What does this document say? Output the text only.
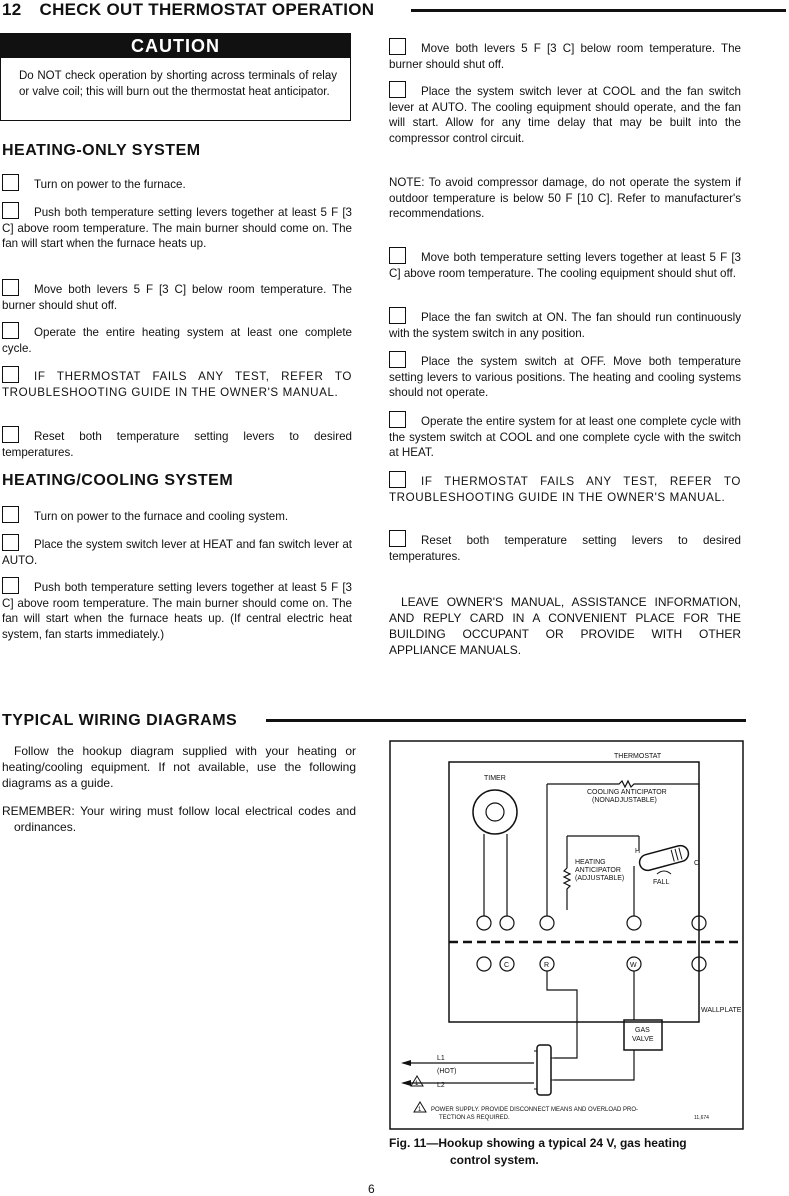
12 CHECK OUT THERMOSTAT OPERATION
CAUTION
Do NOT check operation by shorting across terminals of relay or valve coil; this will burn out the thermostat heat anticipator.
HEATING-ONLY SYSTEM
Turn on power to the furnace.
Push both temperature setting levers together at least 5 F [3 C] above room temperature. The main burner should come on. The fan will start when the furnace heats up.
Move both levers 5 F [3 C] below room temperature. The burner should shut off.
Operate the entire heating system at least one complete cycle.
IF THERMOSTAT FAILS ANY TEST, REFER TO TROUBLESHOOTING GUIDE IN THE OWNER'S MANUAL.
Reset both temperature setting levers to desired temperatures.
HEATING/COOLING SYSTEM
Turn on power to the furnace and cooling system.
Place the system switch lever at HEAT and fan switch lever at AUTO.
Push both temperature setting levers together at least 5 F [3 C] above room temperature. The main burner should come on. The fan will start when the furnace heats up. (If central electric heat system, fan starts immediately.)
Move both levers 5 F [3 C] below room temperature. The burner should shut off.
Place the system switch lever at COOL and the fan switch lever at AUTO. The cooling equipment should operate, and the fan will start. Allow for any time delay that may be built into the compressor control circuit.
NOTE: To avoid compressor damage, do not operate the system if outdoor temperature is below 50 F [10 C]. Refer to manufacturer's recommendations.
Move both temperature setting levers together at least 5 F [3 C] above room temperature. The cooling equipment should shut off.
Place the fan switch at ON. The fan should run continuously with the system switch in any position.
Place the system switch at OFF. Move both temperature setting levers to various positions. The heating and cooling systems should not operate.
Operate the entire system for at least one complete cycle with the system switch at COOL and one complete cycle with the switch at HEAT.
IF THERMOSTAT FAILS ANY TEST, REFER TO TROUBLESHOOTING GUIDE IN THE OWNER'S MANUAL.
Reset both temperature setting levers to desired temperatures.
LEAVE OWNER'S MANUAL, ASSISTANCE INFORMATION, AND REPLY CARD IN A CONVENIENT PLACE FOR THE BUILDING OCCUPANT OR PROVIDE WITH OTHER APPLIANCE MANUALS.
TYPICAL WIRING DIAGRAMS
Follow the hookup diagram supplied with your heating or heating/cooling equipment. If not available, use the following diagrams as a guide.
REMEMBER: Your wiring must follow local electrical codes and ordinances.
THERMOSTAT
TIMER
COOLING ANTICIPATOR
(NONADJUSTABLE)
HEATING
ANTICIPATOR
(ADJUSTABLE)
H
C
FALL
C	R	W
WALLPLATE
GAS
VALVE
L1
(HOT)
L2
1
1 POWER SUPPLY. PROVIDE DISCONNECT MEANS AND OVERLOAD PRO-
TECTION AS REQUIRED.	11,674
Fig. 11—Hookup showing a typical 24 V, gas heating
control system.
6
